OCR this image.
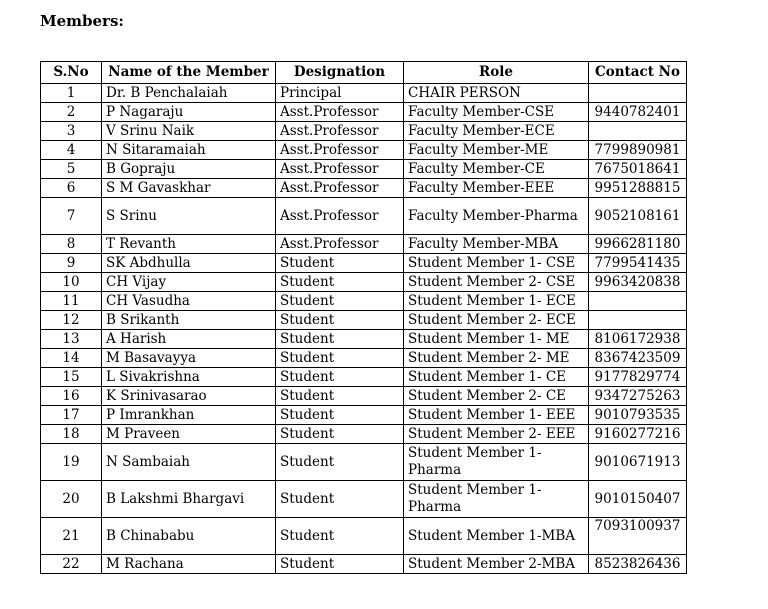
Members:
S.No	Name of the Member	Designation	Role	Contact No
1	Dr. B Penchalaiah	Principal	CHAIR PERSON	
2	P Nagaraju	Asst.Professor	Faculty Member-CSE	9440782401
3	V Srinu Naik	Asst.Professor	Faculty Member-ECE	
4	N Sitaramaiah	Asst.Professor	Faculty Member-ME	7799890981
5	B Gopraju	Asst.Professor	Faculty Member-CE	7675018641
6	S M Gavaskhar	Asst.Professor	Faculty Member-EEE	9951288815
7	S Srinu	Asst.Professor	Faculty Member-Pharma	9052108161
8	T Revanth	Asst.Professor	Faculty Member-MBA	9966281180
9	SK Abdhulla	Student	Student Member 1- CSE	7799541435
10	CH Vijay	Student	Student Member 2- CSE	9963420838
11	CH Vasudha	Student	Student Member 1- ECE	
12	B Srikanth	Student	Student Member 2- ECE	
13	A Harish	Student	Student Member 1- ME	8106172938
14	M Basavayya	Student	Student Member 2- ME	8367423509
15	L Sivakrishna	Student	Student Member 1- CE	9177829774
16	K Srinivasarao	Student	Student Member 2- CE	9347275263
17	P Imrankhan	Student	Student Member 1- EEE	9010793535
18	M Praveen	Student	Student Member 2- EEE	9160277216
19	N Sambaiah	Student	Student Member 1-Pharma	9010671913
20	B Lakshmi Bhargavi	Student	Student Member 1-Pharma	9010150407
21	B Chinababu	Student	Student Member 1-MBA	7093100937
22	M Rachana	Student	Student Member 2-MBA	8523826436
